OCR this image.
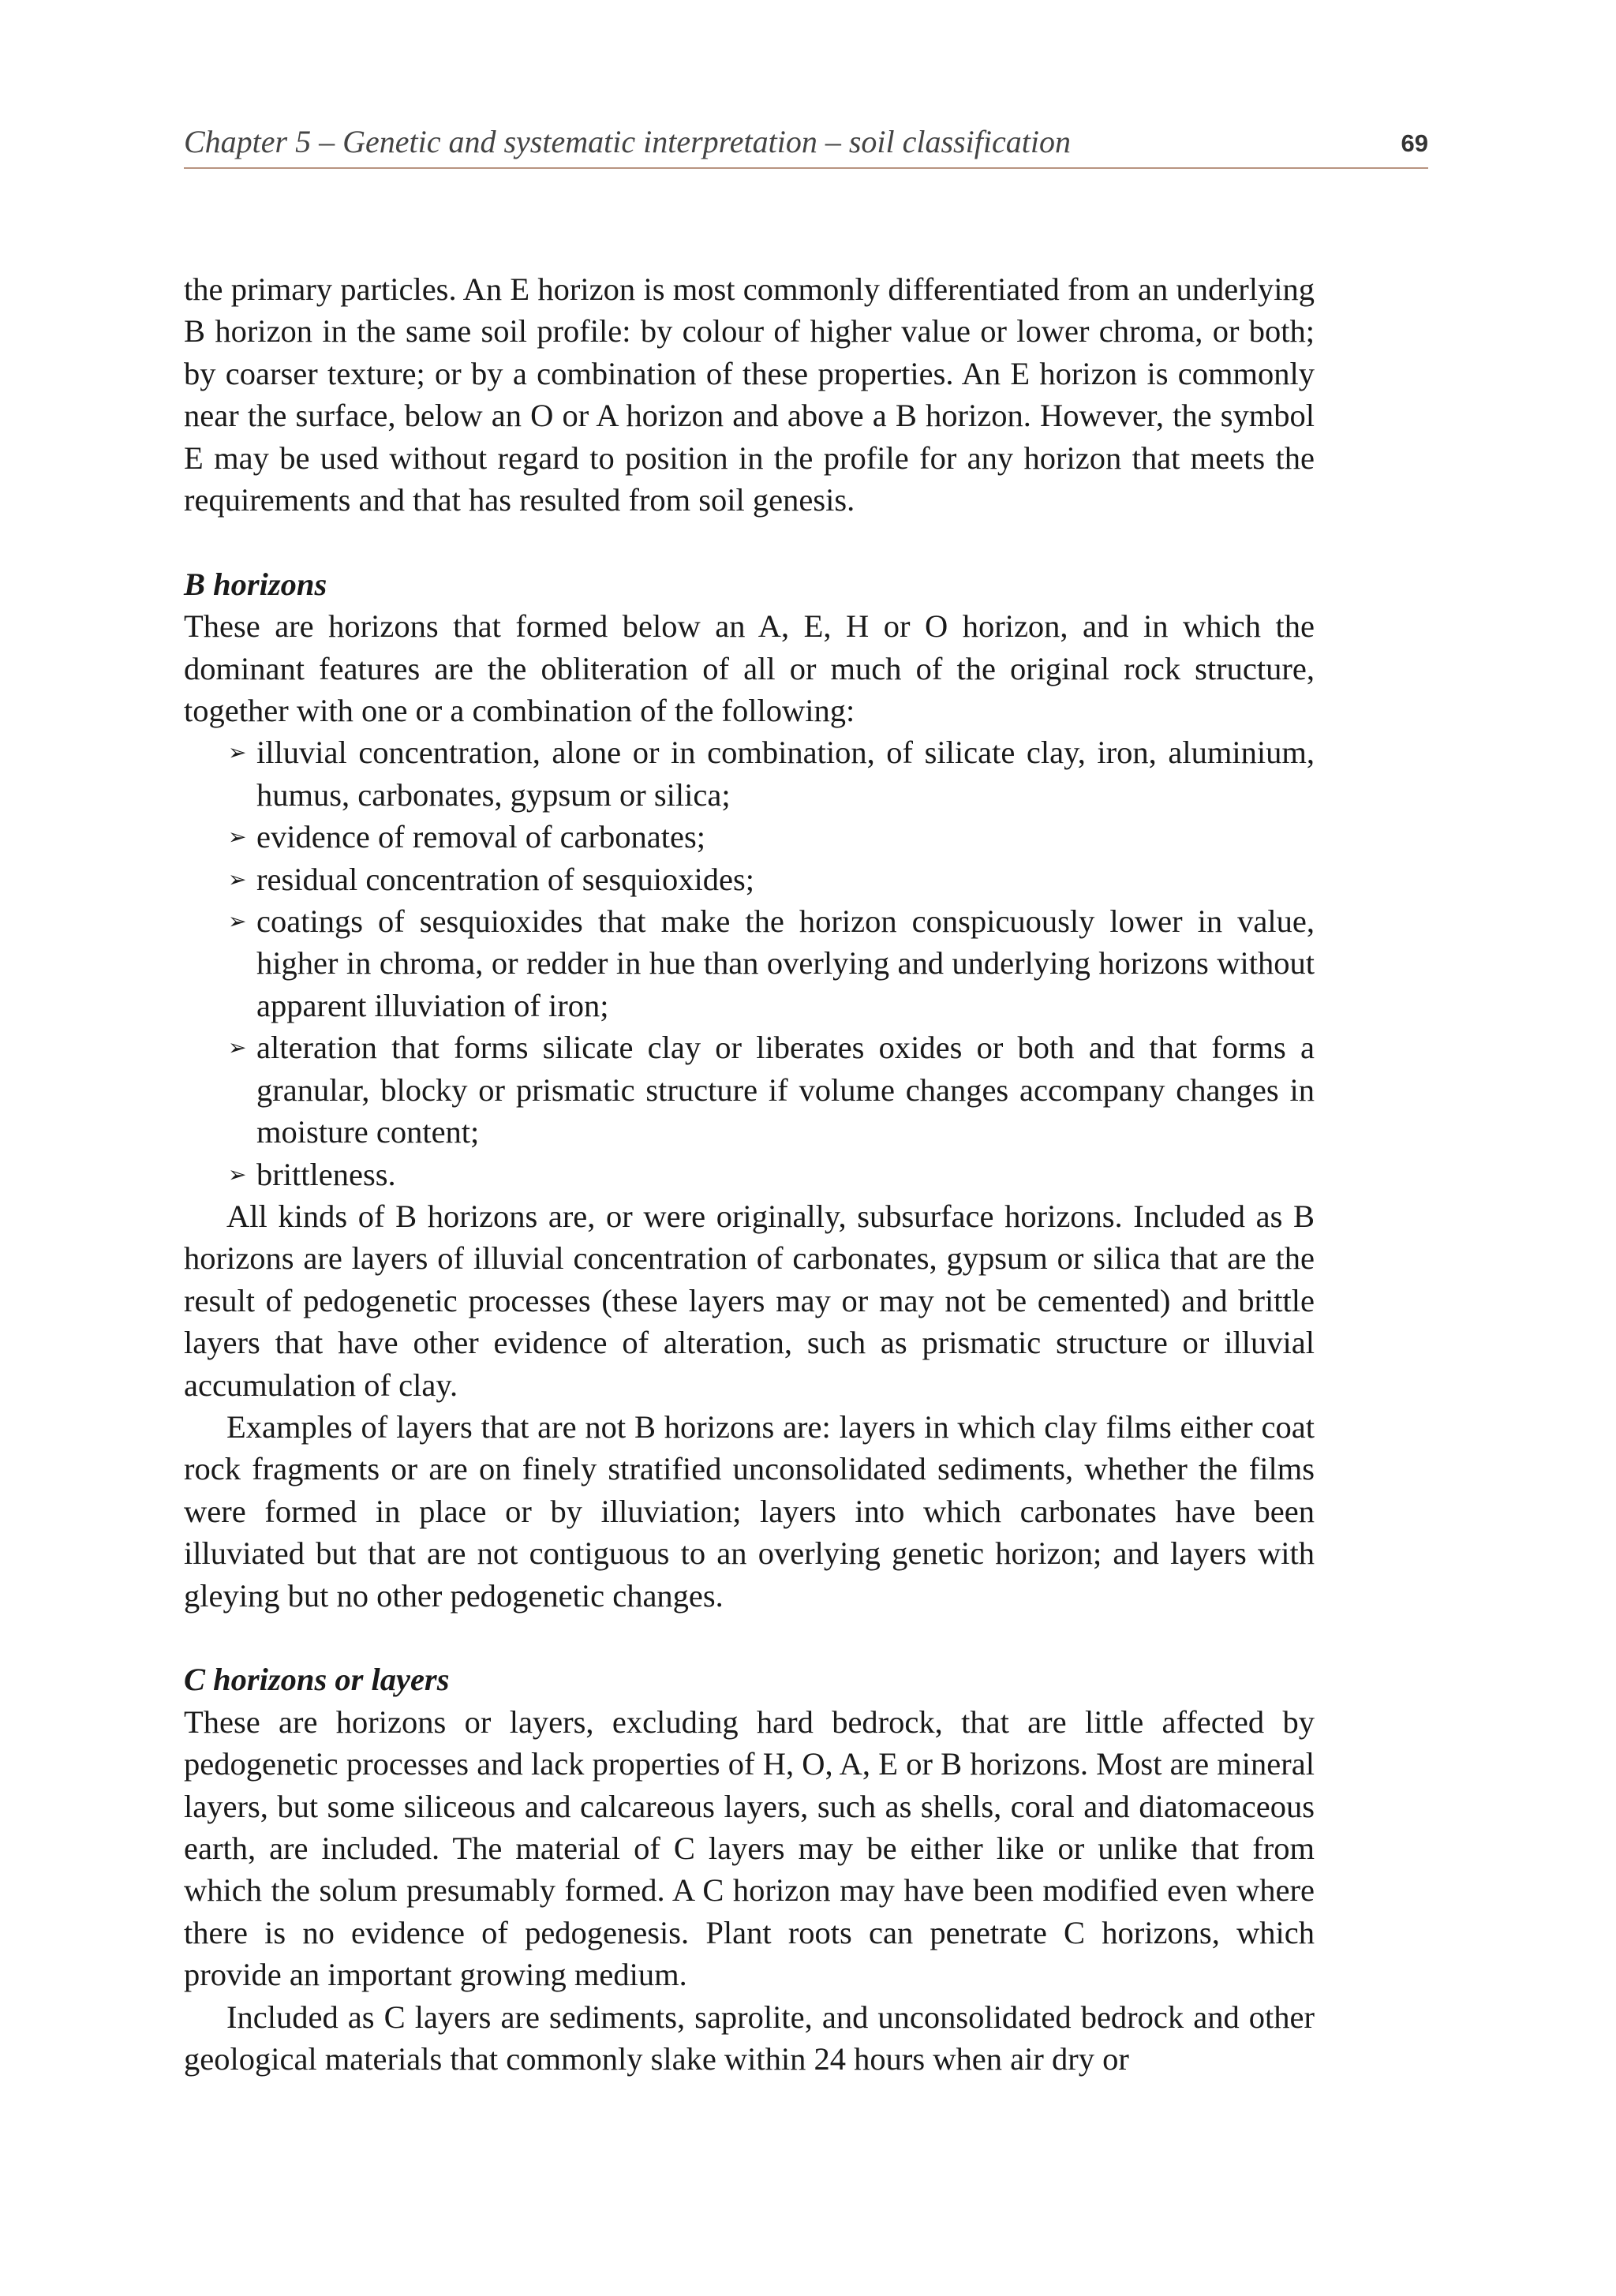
Chapter 5 – Genetic and systematic interpretation – soil classification	69

the primary particles. An E horizon is most commonly differentiated from an underlying B horizon in the same soil profile: by colour of higher value or lower chroma, or both; by coarser texture; or by a combination of these properties. An E horizon is commonly near the surface, below an O or A horizon and above a B horizon. However, the symbol E may be used without regard to position in the profile for any horizon that meets the requirements and that has resulted from soil genesis.

B horizons

These are horizons that formed below an A, E, H or O horizon, and in which the dominant features are the obliteration of all or much of the original rock structure, together with one or a combination of the following:

➢ illuvial concentration, alone or in combination, of silicate clay, iron, aluminium, humus, carbonates, gypsum or silica;
➢ evidence of removal of carbonates;
➢ residual concentration of sesquioxides;
➢ coatings of sesquioxides that make the horizon conspicuously lower in value, higher in chroma, or redder in hue than overlying and underlying horizons without apparent illuviation of iron;
➢ alteration that forms silicate clay or liberates oxides or both and that forms a granular, blocky or prismatic structure if volume changes accompany changes in moisture content;
➢ brittleness.

All kinds of B horizons are, or were originally, subsurface horizons. Included as B horizons are layers of illuvial concentration of carbonates, gypsum or silica that are the result of pedogenetic processes (these layers may or may not be cemented) and brittle layers that have other evidence of alteration, such as prismatic structure or illuvial accumulation of clay.

Examples of layers that are not B horizons are: layers in which clay films either coat rock fragments or are on finely stratified unconsolidated sediments, whether the films were formed in place or by illuviation; layers into which carbonates have been illuviated but that are not contiguous to an overlying genetic horizon; and layers with gleying but no other pedogenetic changes.

C horizons or layers

These are horizons or layers, excluding hard bedrock, that are little affected by pedogenetic processes and lack properties of H, O, A, E or B horizons. Most are mineral layers, but some siliceous and calcareous layers, such as shells, coral and diatomaceous earth, are included. The material of C layers may be either like or unlike that from which the solum presumably formed. A C horizon may have been modified even where there is no evidence of pedogenesis. Plant roots can penetrate C horizons, which provide an important growing medium.

Included as C layers are sediments, saprolite, and unconsolidated bedrock and other geological materials that commonly slake within 24 hours when air dry or
